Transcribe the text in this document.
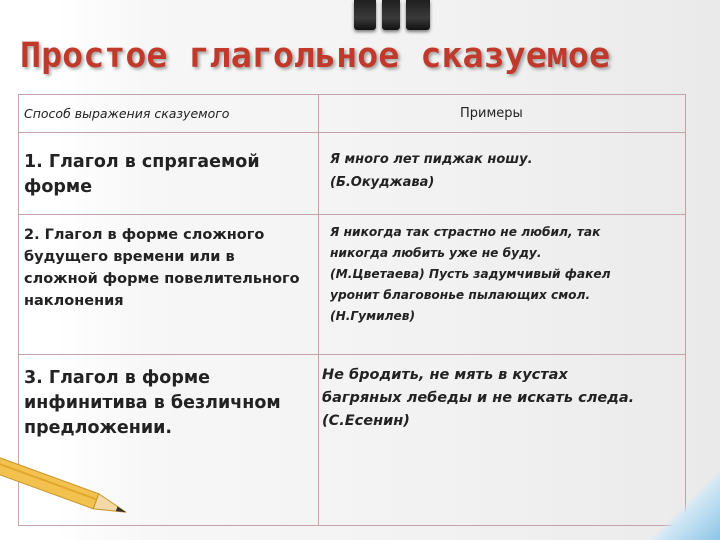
Простое глагольное сказуемое
Способ выражения сказуемого	Примеры
1. Глагол в спрягаемой
форме
Я много лет пиджак ношу.
(Б.Окуджава)
2. Глагол в форме сложного
будущего времени или в
сложной форме повелительного
наклонения
Я никогда так страстно не любил, так
никогда любить уже не буду.
(М.Цветаева) Пусть задумчивый факел
уронит благовонье пылающих смол.
(Н.Гумилев)
3. Глагол в форме
инфинитива в безличном
предложении.
Не бродить, не мять в кустах
багряных лебеды и не искать следа.
(С.Есенин)
